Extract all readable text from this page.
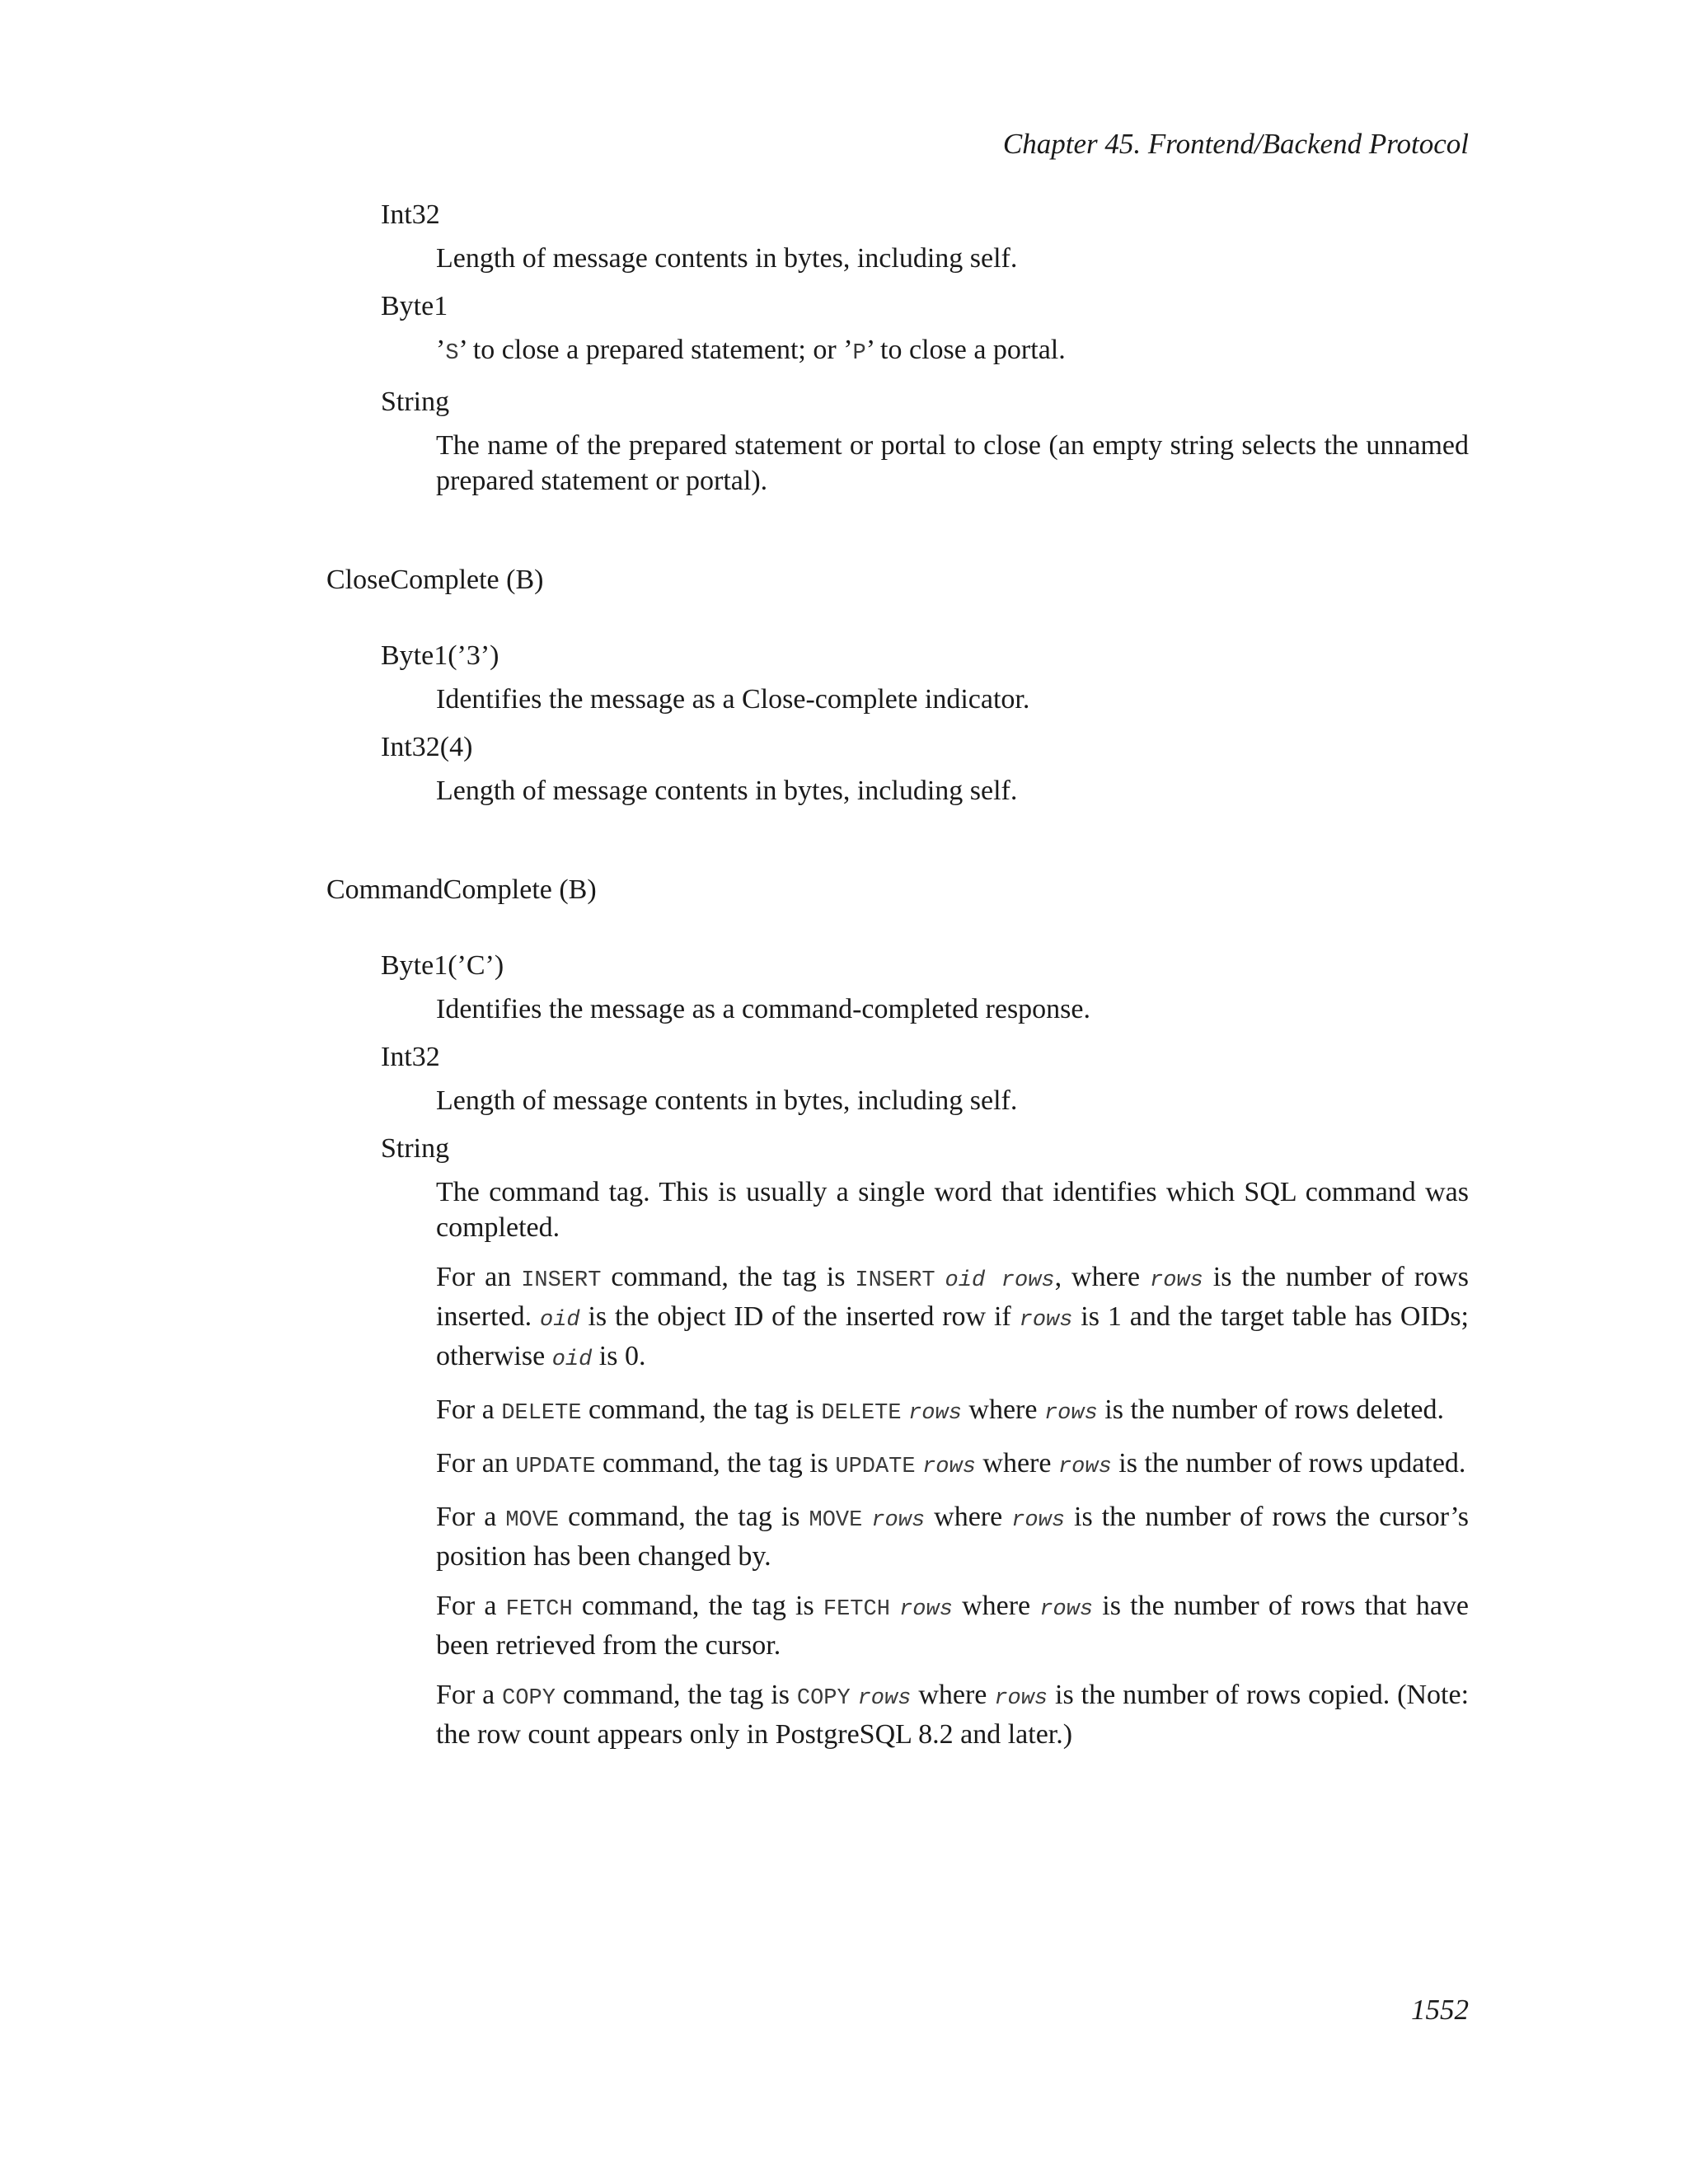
Chapter 45. Frontend/Backend Protocol
Int32

Length of message contents in bytes, including self.

Byte1

’S’ to close a prepared statement; or ’P’ to close a portal.

String

The name of the prepared statement or portal to close (an empty string selects the unnamed prepared statement or portal).

CloseComplete (B)
Byte1(’3’)

Identifies the message as a Close-complete indicator.

Int32(4)

Length of message contents in bytes, including self.

CommandComplete (B)
Byte1(’C’)

Identifies the message as a command-completed response.

Int32

Length of message contents in bytes, including self.

String

The command tag. This is usually a single word that identifies which SQL command was completed.

For an INSERT command, the tag is INSERT oid rows, where rows is the number of rows inserted. oid is the object ID of the inserted row if rows is 1 and the target table has OIDs; otherwise oid is 0.

For a DELETE command, the tag is DELETE rows where rows is the number of rows deleted.

For an UPDATE command, the tag is UPDATE rows where rows is the number of rows updated.

For a MOVE command, the tag is MOVE rows where rows is the number of rows the cursor’s position has been changed by.

For a FETCH command, the tag is FETCH rows where rows is the number of rows that have been retrieved from the cursor.

For a COPY command, the tag is COPY rows where rows is the number of rows copied. (Note: the row count appears only in PostgreSQL 8.2 and later.)

1552
